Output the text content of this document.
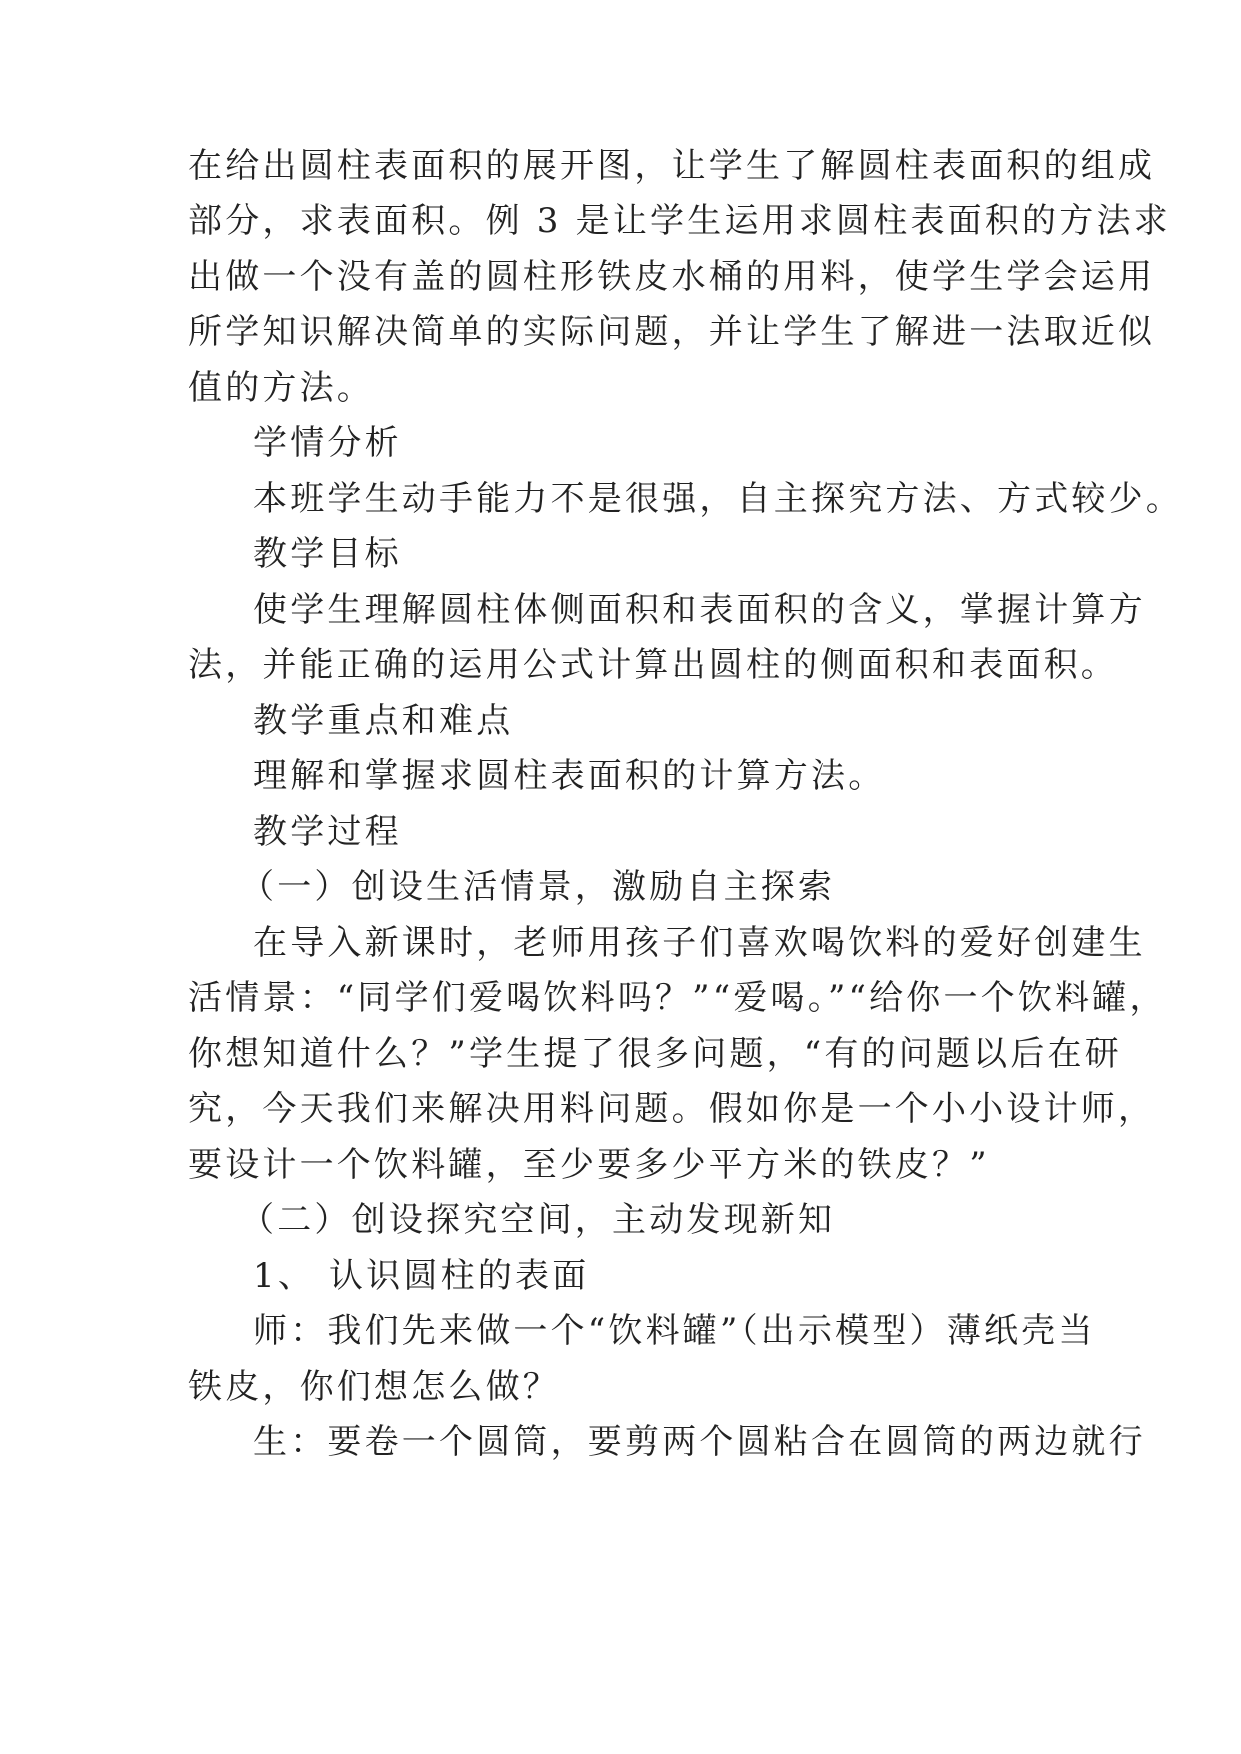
在给出圆柱表面积的展开图，让学生了解圆柱表面积的组成
部分，求表面积。例 3 是让学生运用求圆柱表面积的方法求
出做一个没有盖的圆柱形铁皮水桶的用料，使学生学会运用
所学知识解决简单的实际问题，并让学生了解进一法取近似
值的方法。
学情分析
本班学生动手能力不是很强，自主探究方法、方式较少。
教学目标
使学生理解圆柱体侧面积和表面积的含义，掌握计算方
法，并能正确的运用公式计算出圆柱的侧面积和表面积。
教学重点和难点
理解和掌握求圆柱表面积的计算方法。
教学过程
（一）创设生活情景，激励自主探索
在导入新课时，老师用孩子们喜欢喝饮料的爱好创建生
活情景：“同学们爱喝饮料吗？”“爱喝。”“给你一个饮料罐，
你想知道什么？”学生提了很多问题，“有的问题以后在研
究，今天我们来解决用料问题。假如你是一个小小设计师，
要设计一个饮料罐，至少要多少平方米的铁皮？”
（二）创设探究空间，主动发现新知
1、 认识圆柱的表面
师：我们先来做一个“饮料罐”（出示模型）薄纸壳当
铁皮，你们想怎么做？
生：要卷一个圆筒，要剪两个圆粘合在圆筒的两边就行
